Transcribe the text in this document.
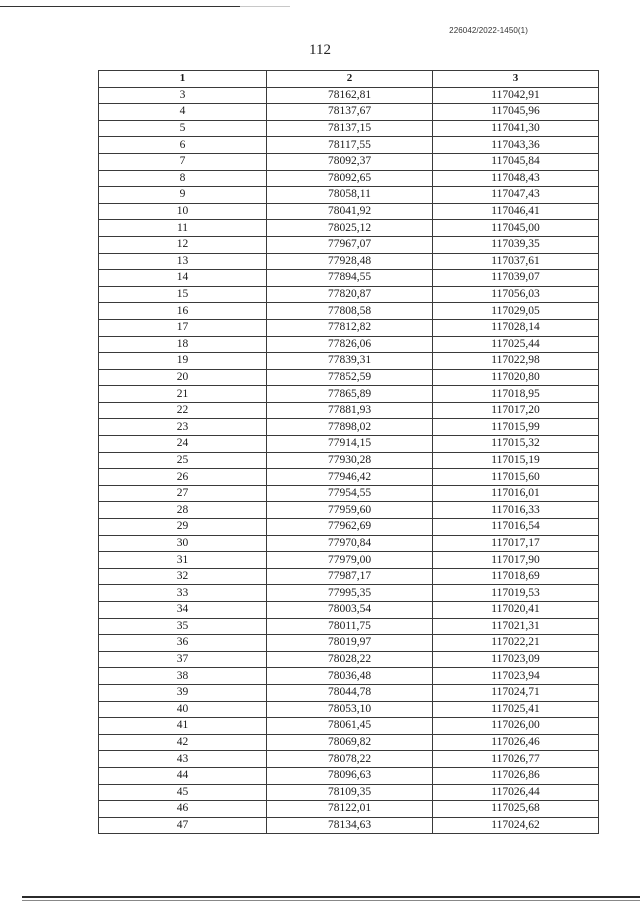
226042/2022-1450(1)
112
1	2	3
3	78162,81	117042,91
4	78137,67	117045,96
5	78137,15	117041,30
6	78117,55	117043,36
7	78092,37	117045,84
8	78092,65	117048,43
9	78058,11	117047,43
10	78041,92	117046,41
11	78025,12	117045,00
12	77967,07	117039,35
13	77928,48	117037,61
14	77894,55	117039,07
15	77820,87	117056,03
16	77808,58	117029,05
17	77812,82	117028,14
18	77826,06	117025,44
19	77839,31	117022,98
20	77852,59	117020,80
21	77865,89	117018,95
22	77881,93	117017,20
23	77898,02	117015,99
24	77914,15	117015,32
25	77930,28	117015,19
26	77946,42	117015,60
27	77954,55	117016,01
28	77959,60	117016,33
29	77962,69	117016,54
30	77970,84	117017,17
31	77979,00	117017,90
32	77987,17	117018,69
33	77995,35	117019,53
34	78003,54	117020,41
35	78011,75	117021,31
36	78019,97	117022,21
37	78028,22	117023,09
38	78036,48	117023,94
39	78044,78	117024,71
40	78053,10	117025,41
41	78061,45	117026,00
42	78069,82	117026,46
43	78078,22	117026,77
44	78096,63	117026,86
45	78109,35	117026,44
46	78122,01	117025,68
47	78134,63	117024,62
